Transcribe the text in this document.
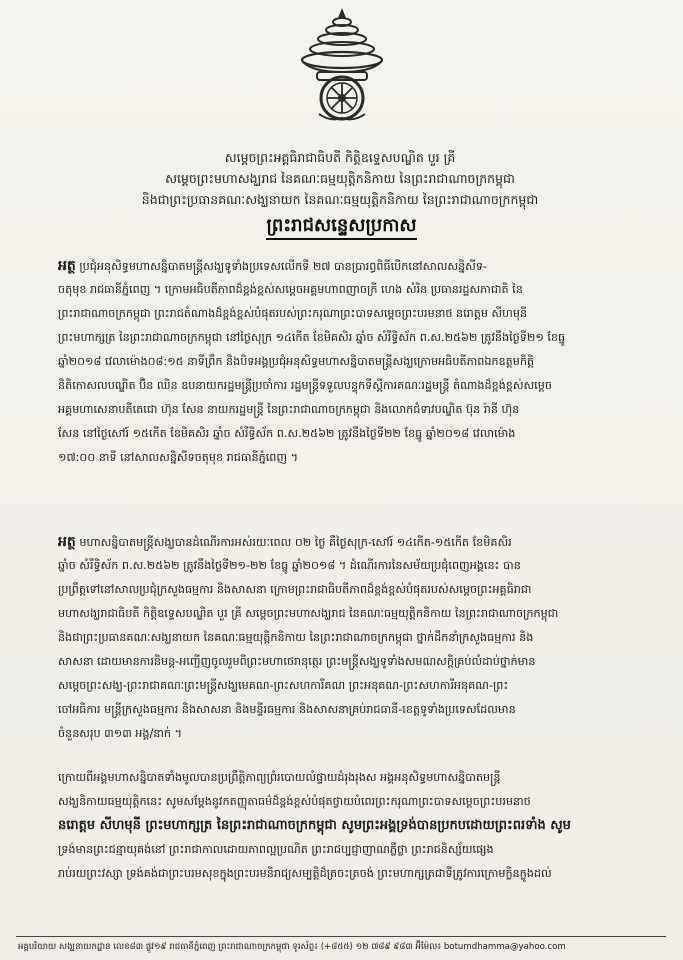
សម្តេចព្រះអគ្គធិរាជាធិបតី កិត្តិឧទ្ទេសបណ្ឌិត បួរ គ្រី
សម្តេចព្រះមហាសង្ឃរាជ នៃគណៈធម្មយុត្តិកនិកាយ នៃព្រះរាជាណាចក្រកម្ពុជា
និងជាព្រះប្រធានគណៈសង្ឃនាយក នៃគណៈធម្មយុត្តិកនិកាយ នៃព្រះរាជាណាចក្រកម្ពុជា
ព្រះរាជសន្ទេសប្រកាស
អត្ថ ប្រជុំអនុសិទ្ធមហាសន្និបាតមន្ត្រីសង្ឃទូទាំងប្រទេសលើកទី ២៧ បានប្រារព្ធពិធីបើកនៅសាលសន្និសីទ-
ចតុមុខ រាជធានីភ្នំពេញ ។ ក្រោមអធិបតីភាពដ៏ខ្ពង់ខ្ពស់សម្តេចអគ្គមហាពញាចក្រី ហេង សំរិន ប្រធានរដ្ឋសភាជាតិ នៃ
ព្រះរាជាណាចក្រកម្ពុជា ព្រះរាជតំណាងដ៏ខ្ពង់ខ្ពស់បំផុតរបស់ព្រះករុណាព្រះបាទសម្តេចព្រះបរមនាថ នរោត្តម សីហមុនី
ព្រះមហាក្សត្រ នៃព្រះរាជាណាចក្រកម្ពុជា នៅថ្ងៃសុក្រ ១៤កើត ខែមិគសិរ ឆ្នាំច សំរឹទ្ធិស័ក ព.ស.២៥៦២ ត្រូវនឹងថ្ងៃទី២១ ខែធ្នូ
ឆ្នាំ២០១៨ វេលាម៉ោង០៨:១៥ នាទីព្រឹក និងបិទអង្គប្រជុំអនុសិទ្ធមហាសន្និបាតមន្ត្រីសង្ឃក្រោមអធិបតីភាពឯកឧត្តមកិត្តិ
និតិកោសលបណ្ឌិត ប៊ិន ឈិន ឧបនាយករដ្ឋមន្ត្រីប្រចាំការ រដ្ឋមន្ត្រីទទួលបន្ទុកទីស្តីការគណៈរដ្ឋមន្ត្រី តំណាងដ៏ខ្ពង់ខ្ពស់សម្តេច
អគ្គមហាសេនាបតីតេជោ ហ៊ុន សែន នាយករដ្ឋមន្ត្រី នៃព្រះរាជាណាចក្រកម្ពុជា និងលោកជំទាវបណ្ឌិត ប៊ុន រ៉ានី ហ៊ុន
សែន នៅថ្ងៃសៅរ៍ ១៥កើត ខែមិគសិរ ឆ្នាំច សំរឹទ្ធិស័ក ព.ស.២៥៦២ ត្រូវនឹងថ្ងៃទី២២ ខែធ្នូ ឆ្នាំ២០១៨ វេលាម៉ោង
១៧:០០ នាទី នៅសាលសន្និសីទចតុមុខ រាជធានីភ្នំពេញ ។
អត្ថ មហាសន្និបាតមន្ត្រីសង្ឃបានដំណើរការអស់រយៈពេល ០២ ថ្ងៃ គឺថ្ងៃសុក្រ-សៅរ៍ ១៤កើត-១៥កើត ខែមិគសិរ
ឆ្នាំច សំរឹទ្ធិស័ក ព.ស.២៥៦២ ត្រូវនឹងថ្ងៃទី២១-២២ ខែធ្នូ ឆ្នាំ២០១៨ ។ ដំណើរការនៃសម័យប្រជុំពេញអង្គនេះ បាន
ប្រព្រឹត្តទៅនៅសាលប្រជុំក្រសួងធម្មការ និងសាសនា ក្រោមព្រះរាជាធិបតីភាពដ៏ខ្ពង់ខ្ពស់បំផុតរបស់សម្តេចព្រះអគ្គធិរាជា
មហាសង្ឃរាជាធិបតី កិត្តិឧទ្ទេសបណ្ឌិត បួរ គ្រី សម្តេចព្រះមហាសង្ឃរាជ នៃគណៈធម្មយុត្តិកនិកាយ នៃព្រះរាជាណាចក្រកម្ពុជា
និងជាព្រះប្រធានគណៈសង្ឃនាយក នៃគណៈធម្មយុត្តិកនិកាយ នៃព្រះរាជាណាចក្រកម្ពុជា ថ្នាក់ដឹកនាំក្រសួងធម្មការ និង
សាសនា ដោយមានការនិមន្ត-អញ្ជើញចូលរួមពីព្រះមហាថេរានុត្ថេរ ព្រះមន្ត្រីសង្ឃទូទាំងសមណសក្តិគ្រប់លំដាប់ថ្នាក់មាន
សម្តេចព្រះសង្ឃ-ព្រះរាជាគណៈព្រះមន្ត្រីសង្ឃមេគណ-ព្រះសហការីគណ ព្រះអនុគណ-ព្រះសហការីអនុគណ-ព្រះ
ចៅអធិការ មន្ត្រីក្រសួងធម្មការ និងសាសនា និងមន្ទីរធម្មការ និងសាសនាគ្រប់រាជធានី-ខេត្តទូទាំងប្រទេសដែលមាន
ចំនួនសរុប ៣១៣ អង្គ/នាក់ ។
ក្រោយពីអង្គមហាសន្និបាតទាំងមូលបានប្រព្រឹត្តិភាព្យព្រំរបោយលំផ្ទាយដំរុងរុងស អង្គអនុសិទ្ធមហាសន្និបាតមន្ត្រី
សង្ឃនិកាយធម្មយុត្តិកនេះ សូមសម្តែងនូវកតញ្ញុតាធម៌ដ៏ខ្ពង់ខ្ពស់បំផុតថ្វាយបំពេរព្រះករុណាព្រះបាទសម្តេចព្រះបរមនាថ
នរោត្តម សីហមុនី ព្រះមហាក្សត្រ នៃព្រះរាជាណាចក្រកម្ពុជា សូមព្រះអង្គទ្រង់បានប្រកបដោយព្រះពរទាំង សូម
ទ្រង់មានព្រះជន្មាយុគង់នៅ ព្រះរាជាកាលដោយភាពល្អប្រណិត ព្រះរាជប្បជ្ញាញាណភ្លឺថ្លា ព្រះរាជនិស្ស័យផ្សេង
រាប់រយព្រះវស្សា ទ្រង់គង់ជាព្រះបរមសុខក្នុងព្រះបរមនិរាជ្យសម្បត្តិដ៏ត្រចះត្រចង់ ព្រះមហាក្សត្រជាទីត្រូវការក្រោមក្លិនក្លូងដល់
អគ្គបរិយាយ សង្ឃនាយកដ្ឋាន លេខ៨៣ ផ្លូវ១៩ រាជធានីភ្នំពេញ ព្រះរាជាណាចក្រកម្ពុជា ទូរស័ព្ទ៖ (+៨៥៥) ១២ ៧៨៩ ៩៨៣ អ៊ីម៉ែល៖ botumdhamma@yahoo.com
